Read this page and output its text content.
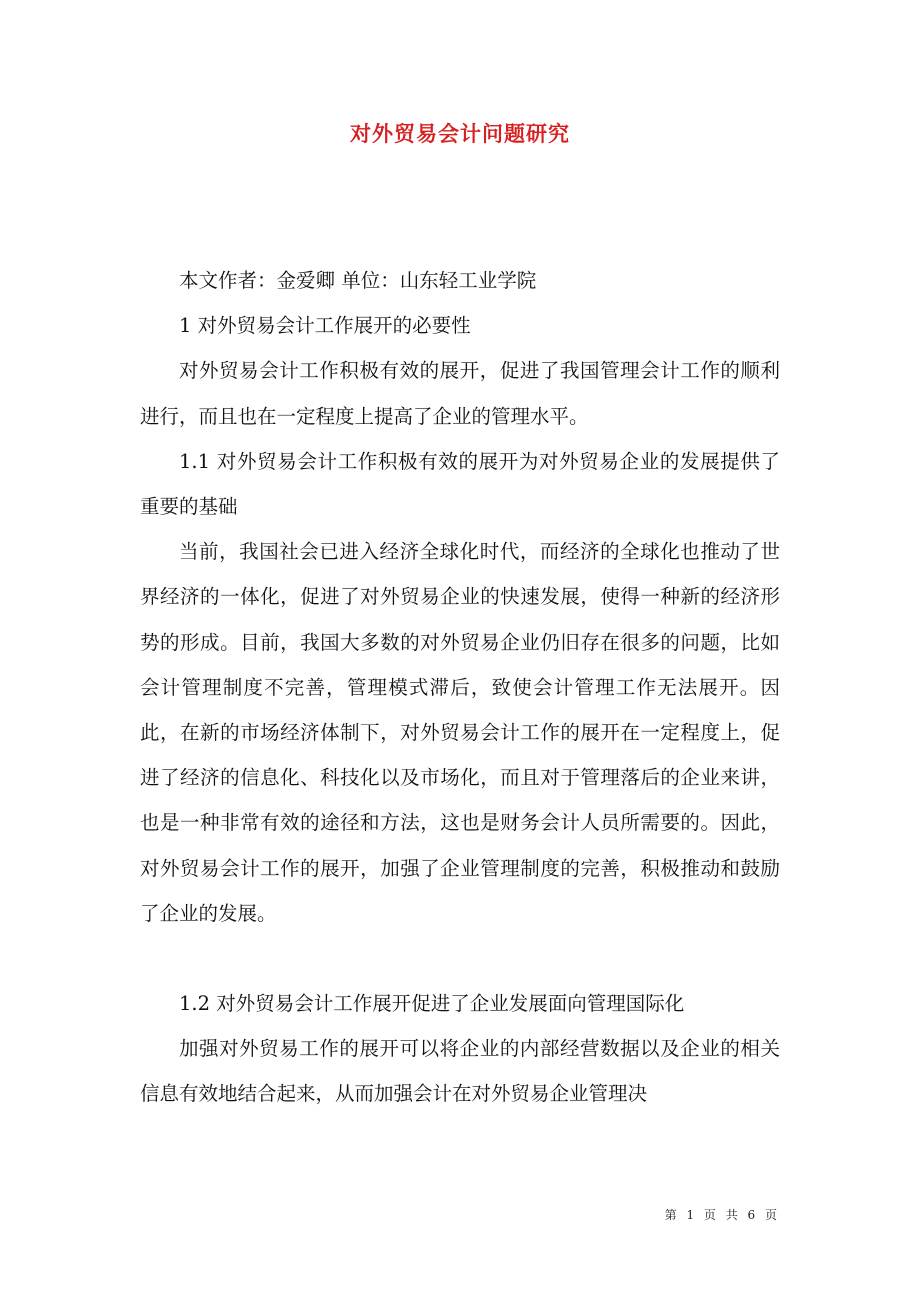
对外贸易会计问题研究

本文作者：金爱卿 单位：山东轻工业学院

1 对外贸易会计工作展开的必要性

对外贸易会计工作积极有效的展开，促进了我国管理会计工作的顺利进行，而且也在一定程度上提高了企业的管理水平。

1.1 对外贸易会计工作积极有效的展开为对外贸易企业的发展提供了重要的基础

当前，我国社会已进入经济全球化时代，而经济的全球化也推动了世界经济的一体化，促进了对外贸易企业的快速发展，使得一种新的经济形势的形成。目前，我国大多数的对外贸易企业仍旧存在很多的问题，比如会计管理制度不完善，管理模式滞后，致使会计管理工作无法展开。因此，在新的市场经济体制下，对外贸易会计工作的展开在一定程度上，促进了经济的信息化、科技化以及市场化，而且对于管理落后的企业来讲，也是一种非常有效的途径和方法，这也是财务会计人员所需要的。因此，对外贸易会计工作的展开，加强了企业管理制度的完善，积极推动和鼓励了企业的发展。

1.2 对外贸易会计工作展开促进了企业发展面向管理国际化

加强对外贸易工作的展开可以将企业的内部经营数据以及企业的相关信息有效地结合起来，从而加强会计在对外贸易企业管理决

第 1 页 共 6 页
